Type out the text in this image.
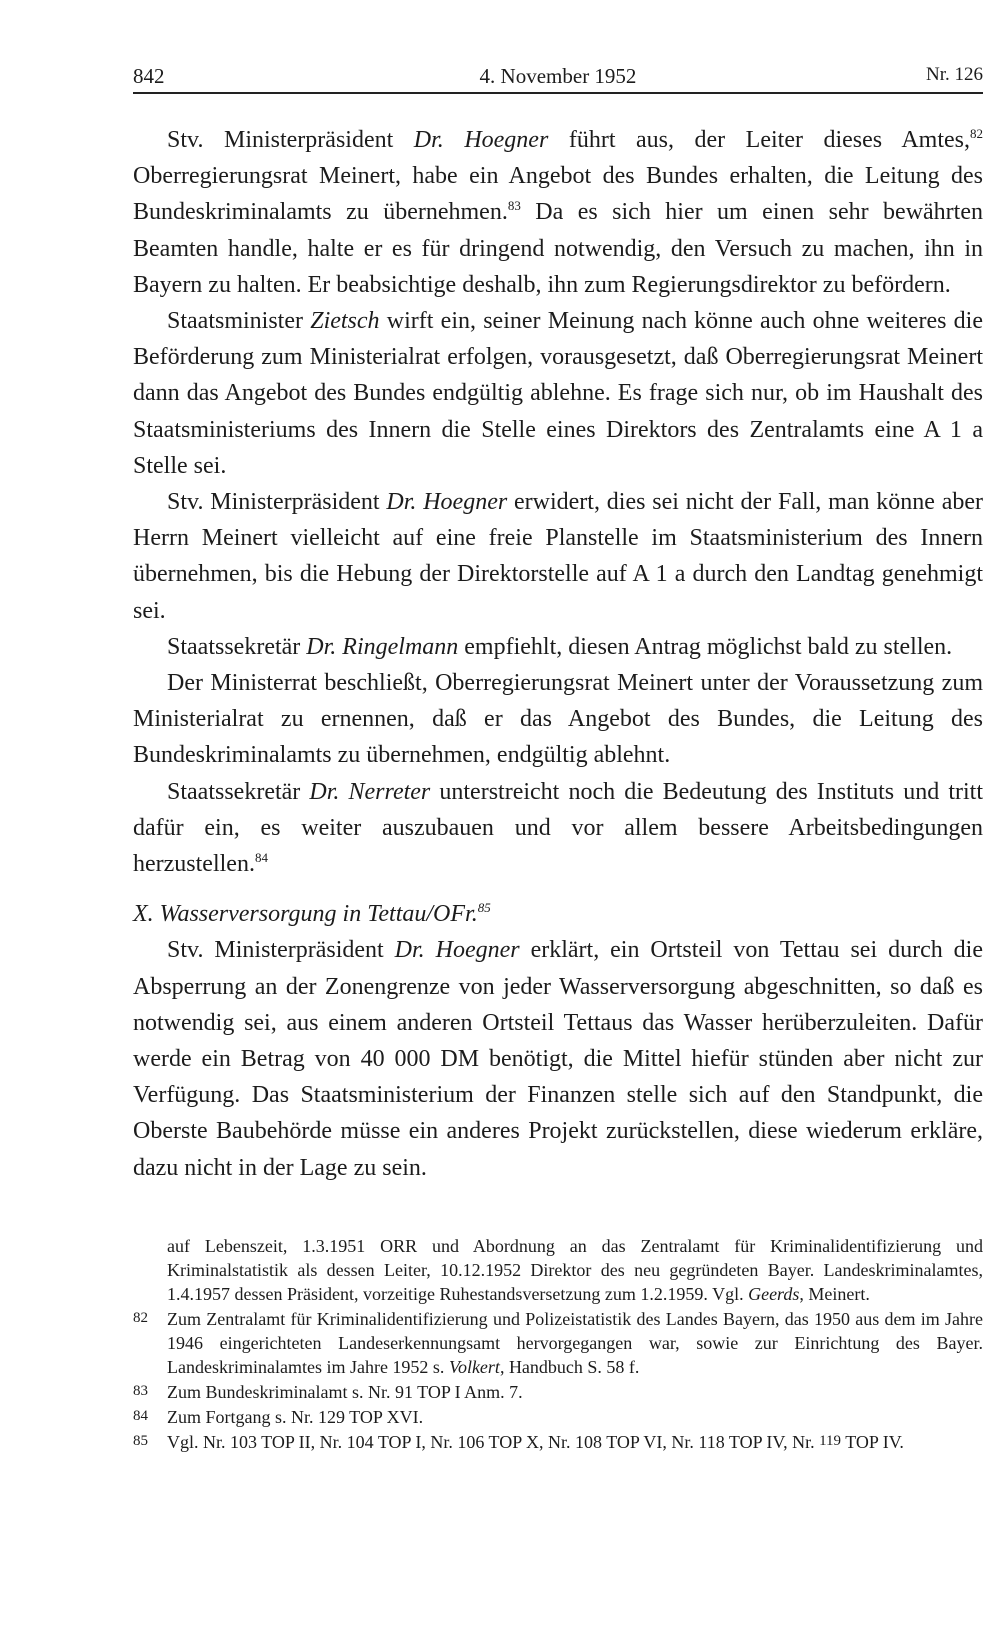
4. November 1952
842	Nr. 126

Stv. Ministerpräsident Dr. Hoegner führt aus, der Leiter dieses Amtes,$^{82}$ Oberregierungsrat Meinert, habe ein Angebot des Bundes erhalten, die Leitung des Bundeskriminalamts zu übernehmen.$^{83}$ Da es sich hier um einen sehr bewährten Beamten handle, halte er es für dringend notwendig, den Versuch zu machen, ihn in Bayern zu halten. Er beabsichtige deshalb, ihn zum Regierungsdirektor zu befördern.

Staatsminister Zietsch wirft ein, seiner Meinung nach könne auch ohne weiteres die Beförderung zum Ministerialrat erfolgen, vorausgesetzt, daß Oberregierungsrat Meinert dann das Angebot des Bundes endgültig ablehne. Es frage sich nur, ob im Haushalt des Staatsministeriums des Innern die Stelle eines Direktors des Zentralamts eine A 1 a Stelle sei.

Stv. Ministerpräsident Dr. Hoegner erwidert, dies sei nicht der Fall, man könne aber Herrn Meinert vielleicht auf eine freie Planstelle im Staatsministerium des Innern übernehmen, bis die Hebung der Direktorstelle auf A 1 a durch den Landtag genehmigt sei.

Staatssekretär Dr. Ringelmann empfiehlt, diesen Antrag möglichst bald zu stellen.

Der Ministerrat beschließt, Oberregierungsrat Meinert unter der Voraussetzung zum Ministerialrat zu ernennen, daß er das Angebot des Bundes, die Leitung des Bundeskriminalamts zu übernehmen, endgültig ablehnt.

Staatssekretär Dr. Nerreter unterstreicht noch die Bedeutung des Instituts und tritt dafür ein, es weiter auszubauen und vor allem bessere Arbeitsbedingungen herzustellen.$^{84}$

X. Wasserversorgung in Tettau/OFr.$^{85}$

Stv. Ministerpräsident Dr. Hoegner erklärt, ein Ortsteil von Tettau sei durch die Absperrung an der Zonengrenze von jeder Wasserversorgung abgeschnitten, so daß es notwendig sei, aus einem anderen Ortsteil Tettaus das Wasser herüberzuleiten. Dafür werde ein Betrag von 40 000 DM benötigt, die Mittel hiefür stünden aber nicht zur Verfügung. Das Staatsministerium der Finanzen stelle sich auf den Standpunkt, die Oberste Baubehörde müsse ein anderes Projekt zurückstellen, diese wiederum erkläre, dazu nicht in der Lage zu sein.

auf Lebenszeit, 1.3.1951 ORR und Abordnung an das Zentralamt für Kriminalidentifizierung und Kriminalstatistik als dessen Leiter, 10.12.1952 Direktor des neu gegründeten Bayer. Landeskriminalamtes, 1.4.1957 dessen Präsident, vorzeitige Ruhestandsversetzung zum 1.2.1959. Vgl. Geerds, Meinert.

82 Zum Zentralamt für Kriminalidentifizierung und Polizeistatistik des Landes Bayern, das 1950 aus dem im Jahre 1946 eingerichteten Landeserkennungsamt hervorgegangen war, sowie zur Einrichtung des Bayer. Landeskriminalamtes im Jahre 1952 s. Volkert, Handbuch S. 58 f.

83 Zum Bundeskriminalamt s. Nr. 91 TOP I Anm. 7.

84 Zum Fortgang s. Nr. 129 TOP XVI.

85 Vgl. Nr. 103 TOP II, Nr. 104 TOP I, Nr. 106 TOP X, Nr. 108 TOP VI, Nr. 118 TOP IV, Nr. 119 TOP IV.
